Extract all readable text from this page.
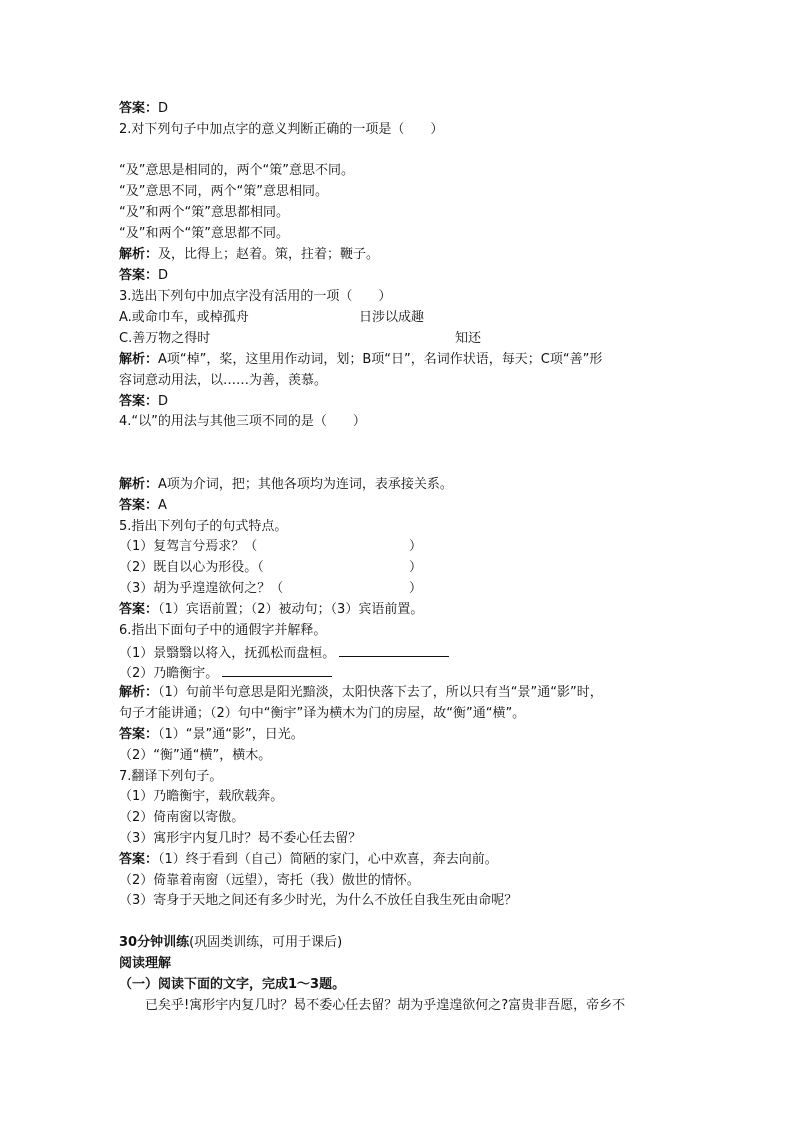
答案：D
2.对下列句子中加点字的意义判断正确的一项是（　　）
“及”意思是相同的，两个“策”意思不同。
“及”意思不同，两个“策”意思相同。
“及”和两个“策”意思都相同。
“及”和两个“策”意思都不同。
解析：及，比得上；赵着。策，拄着；鞭子。
答案：D
3.选出下列句中加点字没有活用的一项（　　）
A.或命巾车，或棹孤舟	日涉以成趣
C.善万物之得时	知还
解析：A项“棹”，桨，这里用作动词，划；B项“日”，名词作状语，每天；C项“善”形
容词意动用法，以……为善，羡慕。
答案：D
4.“以”的用法与其他三项不同的是（　　）
解析：A项为介词，把；其他各项均为连词，表承接关系。
答案：A
5.指出下列句子的句式特点。
（1）复驾言兮焉求？（	）
（2）既自以心为形役。（	）
（3）胡为乎遑遑欲何之？（	）
答案：（1）宾语前置；（2）被动句；（3）宾语前置。
6.指出下面句子中的通假字并解释。
（1）景翳翳以将入，抚孤松而盘桓。
（2）乃瞻衡宇。
解析：（1）句前半句意思是阳光黯淡，太阳快落下去了，所以只有当“景”通“影”时，
句子才能讲通；（2）句中“衡宇”译为横木为门的房屋，故“衡”通“横”。
答案：（1）“景”通“影”，日光。
（2）“衡”通“横”，横木。
7.翻译下列句子。
（1）乃瞻衡宇，载欣载奔。
（2）倚南窗以寄傲。
（3）寓形宇内复几时？曷不委心任去留？
答案：（1）终于看到（自己）简陋的家门，心中欢喜，奔去向前。
（2）倚靠着南窗（远望），寄托（我）傲世的情怀。
（3）寄身于天地之间还有多少时光，为什么不放任自我生死由命呢？
30分钟训练(巩固类训练，可用于课后)
阅读理解
（一）阅读下面的文字，完成1～3题。
已矣乎!寓形宇内复几时？曷不委心任去留？胡为乎遑遑欲何之?富贵非吾愿，帝乡不
